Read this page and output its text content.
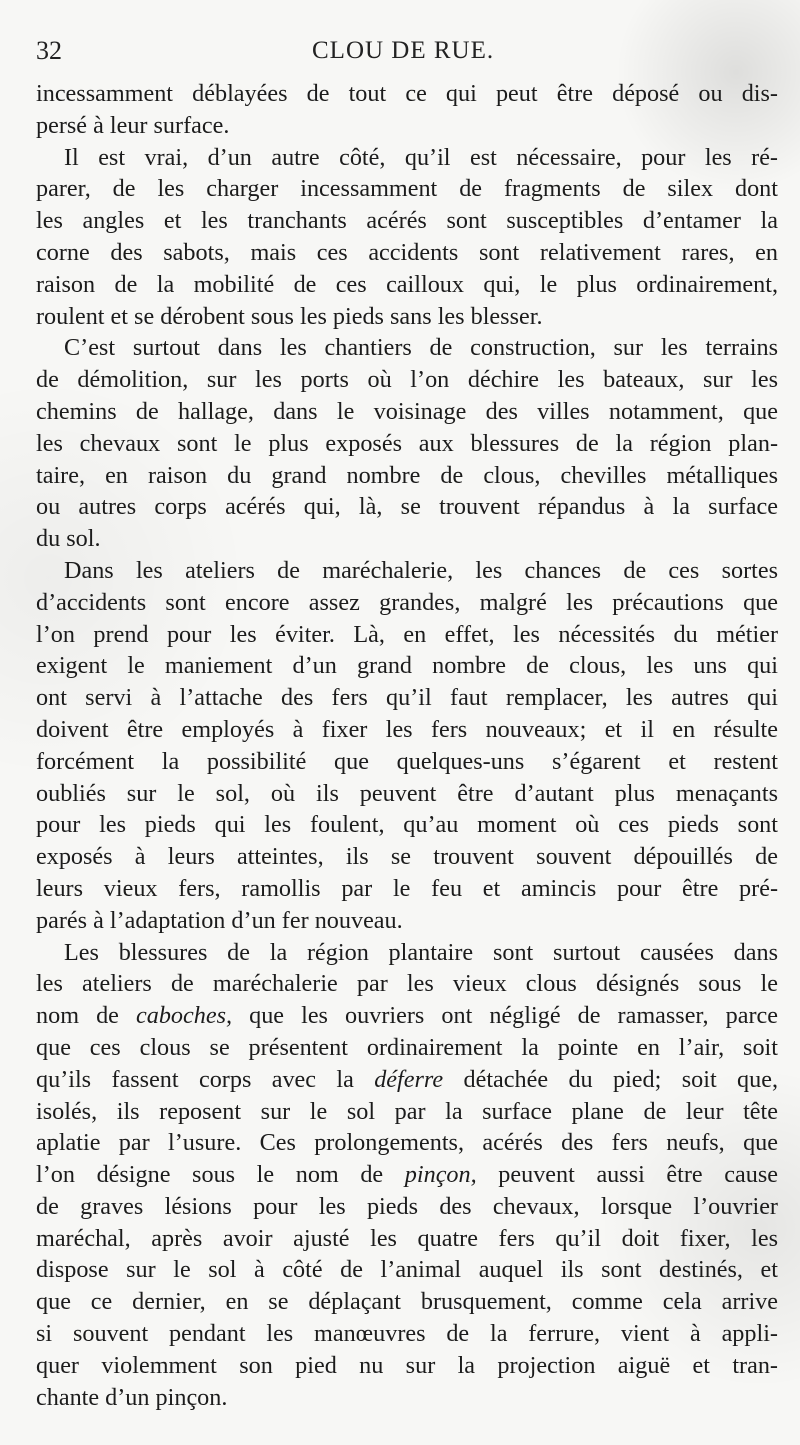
32	CLOU DE RUE.
incessamment déblayées de tout ce qui peut être déposé ou dis-
persé à leur surface.
Il est vrai, d’un autre côté, qu’il est nécessaire, pour les ré-
parer, de les charger incessamment de fragments de silex dont
les angles et les tranchants acérés sont susceptibles d’entamer la
corne des sabots, mais ces accidents sont relativement rares, en
raison de la mobilité de ces cailloux qui, le plus ordinairement,
roulent et se dérobent sous les pieds sans les blesser.
C’est surtout dans les chantiers de construction, sur les terrains
de démolition, sur les ports où l’on déchire les bateaux, sur les
chemins de hallage, dans le voisinage des villes notamment, que
les chevaux sont le plus exposés aux blessures de la région plan-
taire, en raison du grand nombre de clous, chevilles métalliques
ou autres corps acérés qui, là, se trouvent répandus à la surface
du sol.
Dans les ateliers de maréchalerie, les chances de ces sortes
d’accidents sont encore assez grandes, malgré les précautions que
l’on prend pour les éviter. Là, en effet, les nécessités du métier
exigent le maniement d’un grand nombre de clous, les uns qui
ont servi à l’attache des fers qu’il faut remplacer, les autres qui
doivent être employés à fixer les fers nouveaux; et il en résulte
forcément la possibilité que quelques-uns s’égarent et restent
oubliés sur le sol, où ils peuvent être d’autant plus menaçants
pour les pieds qui les foulent, qu’au moment où ces pieds sont
exposés à leurs atteintes, ils se trouvent souvent dépouillés de
leurs vieux fers, ramollis par le feu et amincis pour être pré-
parés à l’adaptation d’un fer nouveau.
Les blessures de la région plantaire sont surtout causées dans
les ateliers de maréchalerie par les vieux clous désignés sous le
nom de caboches, que les ouvriers ont négligé de ramasser, parce
que ces clous se présentent ordinairement la pointe en l’air, soit
qu’ils fassent corps avec la déferre détachée du pied; soit que,
isolés, ils reposent sur le sol par la surface plane de leur tête
aplatie par l’usure. Ces prolongements, acérés des fers neufs, que
l’on désigne sous le nom de pinçon, peuvent aussi être cause
de graves lésions pour les pieds des chevaux, lorsque l’ouvrier
maréchal, après avoir ajusté les quatre fers qu’il doit fixer, les
dispose sur le sol à côté de l’animal auquel ils sont destinés, et
que ce dernier, en se déplaçant brusquement, comme cela arrive
si souvent pendant les manœuvres de la ferrure, vient à appli-
quer violemment son pied nu sur la projection aiguë et tran-
chante d’un pinçon.
